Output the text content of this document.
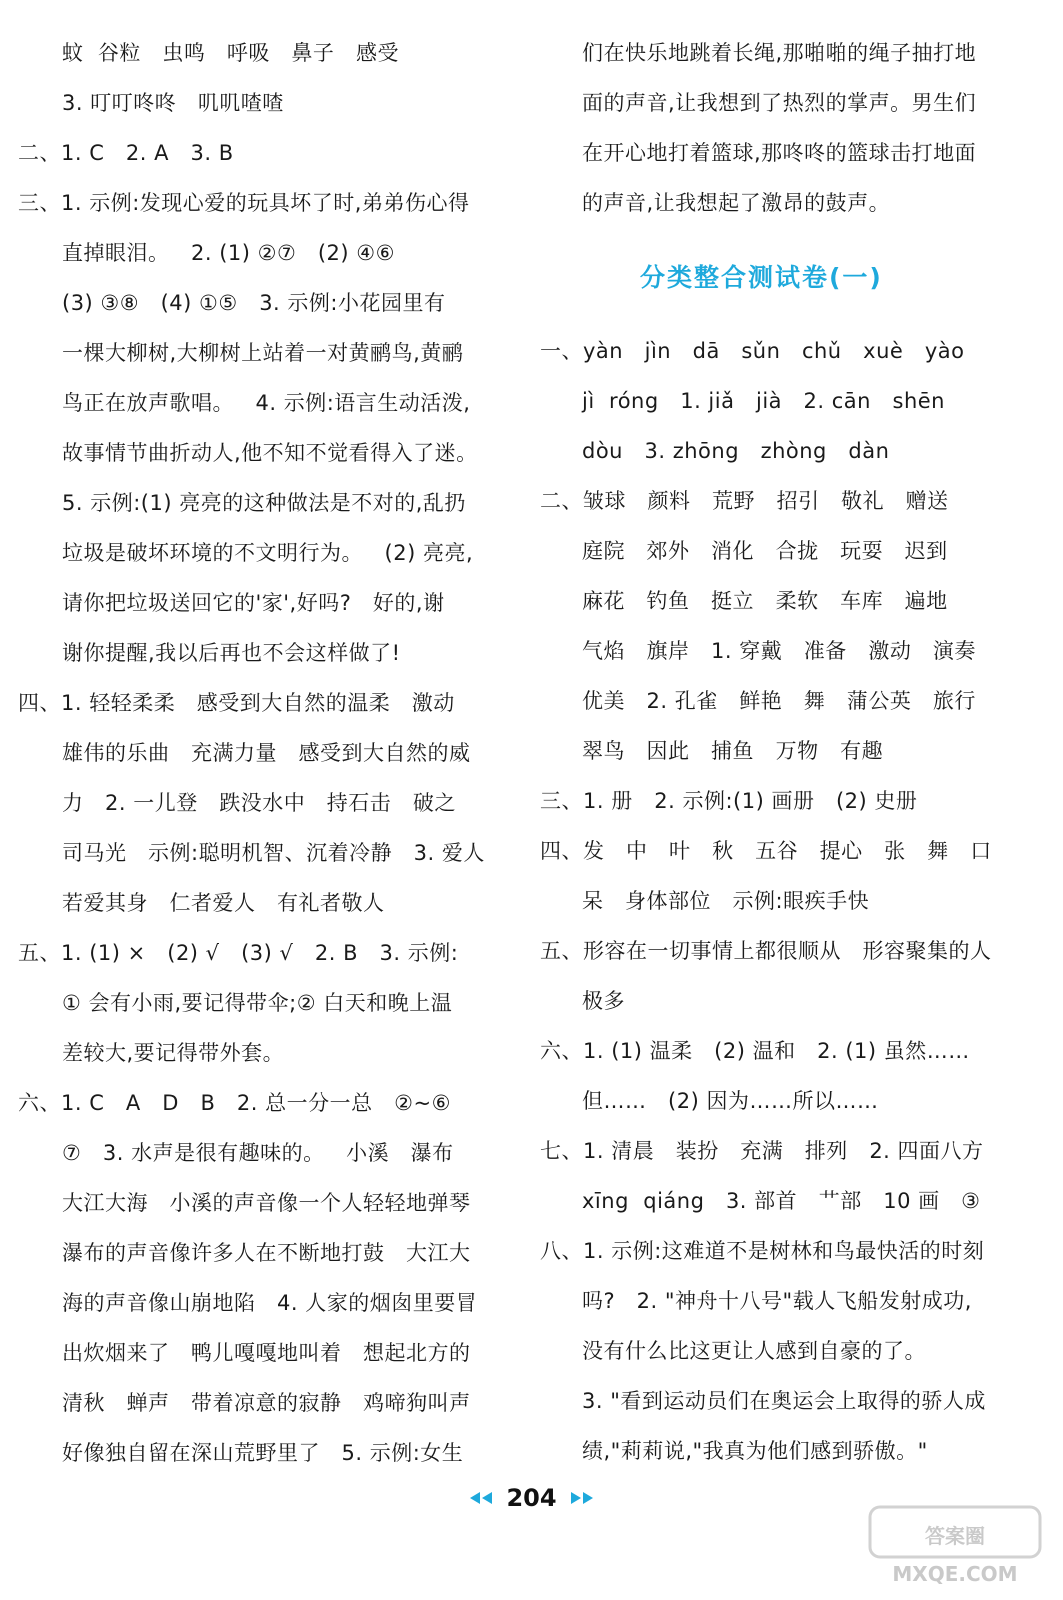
蚊  谷粒   虫鸣   呼吸   鼻子   感受
3. 叮叮咚咚   叽叽喳喳
二、1. C   2. A   3. B
三、1. 示例:发现心爱的玩具坏了时,弟弟伤心得
直掉眼泪。   2. (1) ②⑦   (2) ④⑥
(3) ③⑧   (4) ①⑤   3. 示例:小花园里有
一棵大柳树,大柳树上站着一对黄鹂鸟,黄鹂
鸟正在放声歌唱。   4. 示例:语言生动活泼,
故事情节曲折动人,他不知不觉看得入了迷。
5. 示例:(1) 亮亮的这种做法是不对的,乱扔
垃圾是破坏环境的不文明行为。   (2) 亮亮,
请你把垃圾送回它的'家',好吗?   好的,谢
谢你提醒,我以后再也不会这样做了!
四、1. 轻轻柔柔   感受到大自然的温柔   激动
雄伟的乐曲   充满力量   感受到大自然的威
力   2. 一儿登   跌没水中   持石击   破之
司马光   示例:聪明机智、沉着冷静   3. 爱人
若爱其身   仁者爱人   有礼者敬人
五、1. (1) ×   (2) √   (3) √   2. B   3. 示例:
① 会有小雨,要记得带伞;② 白天和晚上温
差较大,要记得带外套。
六、1. C   A   D   B   2. 总一分一总   ②~⑥
⑦   3. 水声是很有趣味的。   小溪   瀑布
大江大海   小溪的声音像一个人轻轻地弹琴
瀑布的声音像许多人在不断地打鼓   大江大
海的声音像山崩地陷   4. 人家的烟囱里要冒
出炊烟来了   鸭儿嘎嘎地叫着   想起北方的
清秋   蝉声   带着凉意的寂静   鸡啼狗叫声
好像独自留在深山荒野里了   5. 示例:女生
们在快乐地跳着长绳,那啪啪的绳子抽打地
面的声音,让我想到了热烈的掌声。男生们
在开心地打着篮球,那咚咚的篮球击打地面
的声音,让我想起了激昂的鼓声。
分类整合测试卷(一)
一、yàn   jìn   dā   sǔn   chǔ   xuè   yào
jì  róng   1. jiǎ   jià   2. cān   shēn
dòu   3. zhōng   zhòng   dàn
二、皱球   颜料   荒野   招引   敬礼   赠送
庭院   郊外   消化   合拢   玩耍   迟到
麻花   钓鱼   挺立   柔软   车库   遍地
气焰   旗岸   1. 穿戴   准备   激动   演奏
优美   2. 孔雀   鲜艳   舞   蒲公英   旅行
翠鸟   因此   捕鱼   万物   有趣
三、1. 册   2. 示例:(1) 画册   (2) 史册
四、发   中   叶   秋   五谷   提心   张   舞   口
呆   身体部位   示例:眼疾手快
五、形容在一切事情上都很顺从   形容聚集的人
极多
六、1. (1) 温柔   (2) 温和   2. (1) 虽然……
但……   (2) 因为……所以……
七、1. 清晨   装扮   充满   排列   2. 四面八方
xīng  qiáng   3. 部首   艹部   10 画   ③
八、1. 示例:这难道不是树林和鸟最快活的时刻
吗?   2. "神舟十八号"载人飞船发射成功,
没有什么比这更让人感到自豪的了。
3. "看到运动员们在奥运会上取得的骄人成
绩,"莉莉说,"我真为他们感到骄傲。"
204
答案圈
MXQE.COM
